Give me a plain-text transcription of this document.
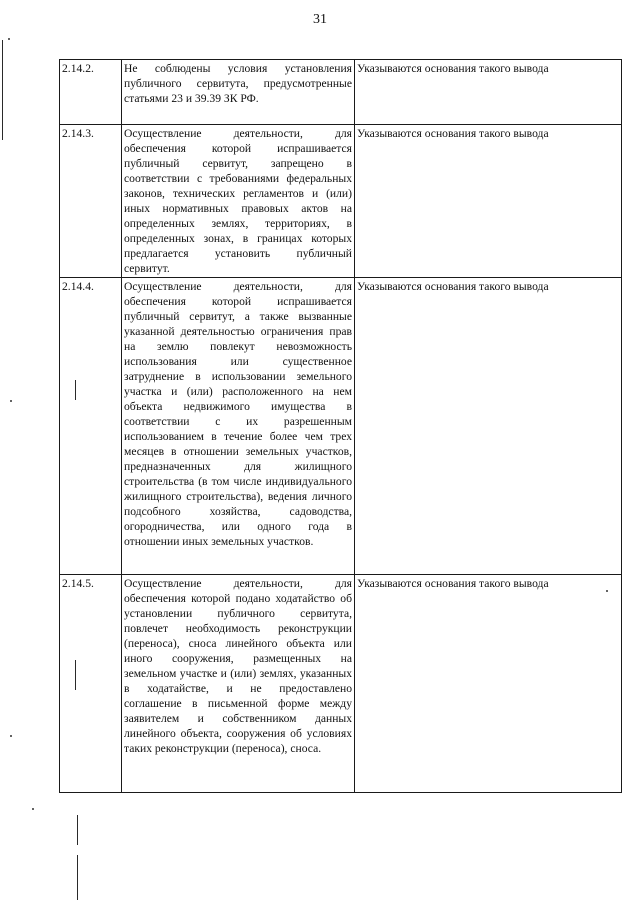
31
2.14.2.	Не соблюдены условия установления публичного сервитута, предусмотренные статьями 23 и 39.39 ЗК РФ.	Указываются основания такого вывода
2.14.3.	Осуществление деятельности, для обеспечения которой испрашивается публичный сервитут, запрещено в соответствии с требованиями федеральных законов, технических регламентов и (или) иных нормативных правовых актов на определенных землях, территориях, в определенных зонах, в границах которых предлагается установить публичный сервитут.	Указываются основания такого вывода
2.14.4.	Осуществление деятельности, для обеспечения которой испрашивается публичный сервитут, а также вызванные указанной деятельностью ограничения прав на землю повлекут невозможность использования или существенное затруднение в использовании земельного участка и (или) расположенного на нем объекта недвижимого имущества в соответствии с их разрешенным использованием в течение более чем трех месяцев в отношении земельных участков, предназначенных для жилищного строительства (в том числе индивидуального жилищного строительства), ведения личного подсобного хозяйства, садоводства, огородничества, или одного года в отношении иных земельных участков.	Указываются основания такого вывода
2.14.5.	Осуществление деятельности, для обеспечения которой подано ходатайство об установлении публичного сервитута, повлечет необходимость реконструкции (переноса), сноса линейного объекта или иного сооружения, размещенных на земельном участке и (или) землях, указанных в ходатайстве, и не предоставлено соглашение в письменной форме между заявителем и собственником данных линейного объекта, сооружения об условиях таких реконструкции (переноса), сноса.	Указываются основания такого вывода
